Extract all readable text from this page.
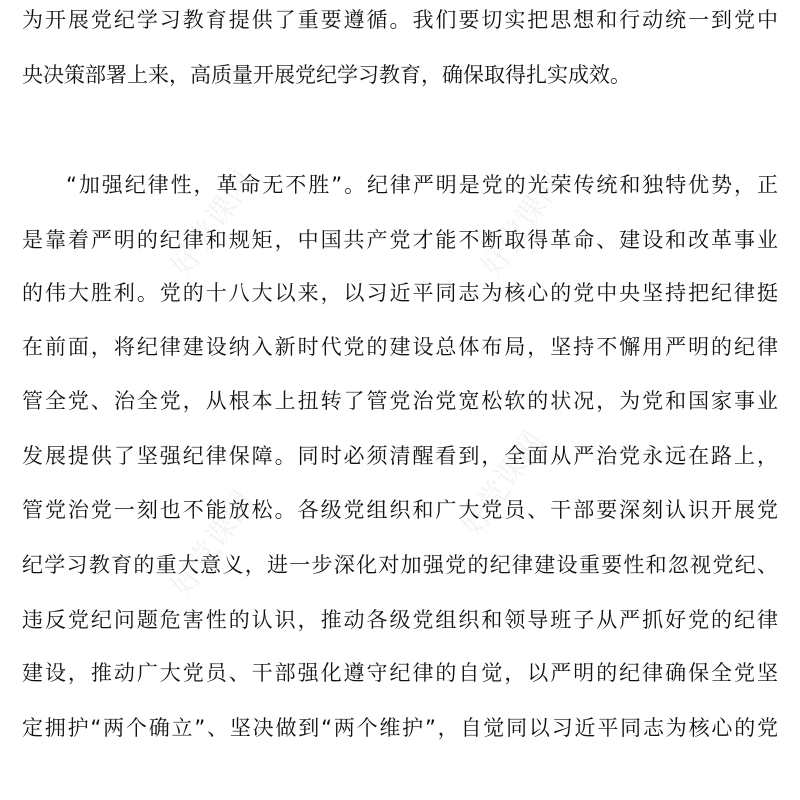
好党课网	好党课网
好党课网
好党课网
为开展党纪学习教育提供了重要遵循。我们要切实把思想和行动统一到党中
央决策部署上来，高质量开展党纪学习教育，确保取得扎实成效。
“加强纪律性，革命无不胜”。纪律严明是党的光荣传统和独特优势，正
是靠着严明的纪律和规矩，中国共产党才能不断取得革命、建设和改革事业
的伟大胜利。党的十八大以来，以习近平同志为核心的党中央坚持把纪律挺
在前面，将纪律建设纳入新时代党的建设总体布局，坚持不懈用严明的纪律
管全党、治全党，从根本上扭转了管党治党宽松软的状况，为党和国家事业
发展提供了坚强纪律保障。同时必须清醒看到，全面从严治党永远在路上，
管党治党一刻也不能放松。各级党组织和广大党员、干部要深刻认识开展党
纪学习教育的重大意义，进一步深化对加强党的纪律建设重要性和忽视党纪、
违反党纪问题危害性的认识，推动各级党组织和领导班子从严抓好党的纪律
建设，推动广大党员、干部强化遵守纪律的自觉，以严明的纪律确保全党坚
定拥护“两个确立”、坚决做到“两个维护”，自觉同以习近平同志为核心的党
